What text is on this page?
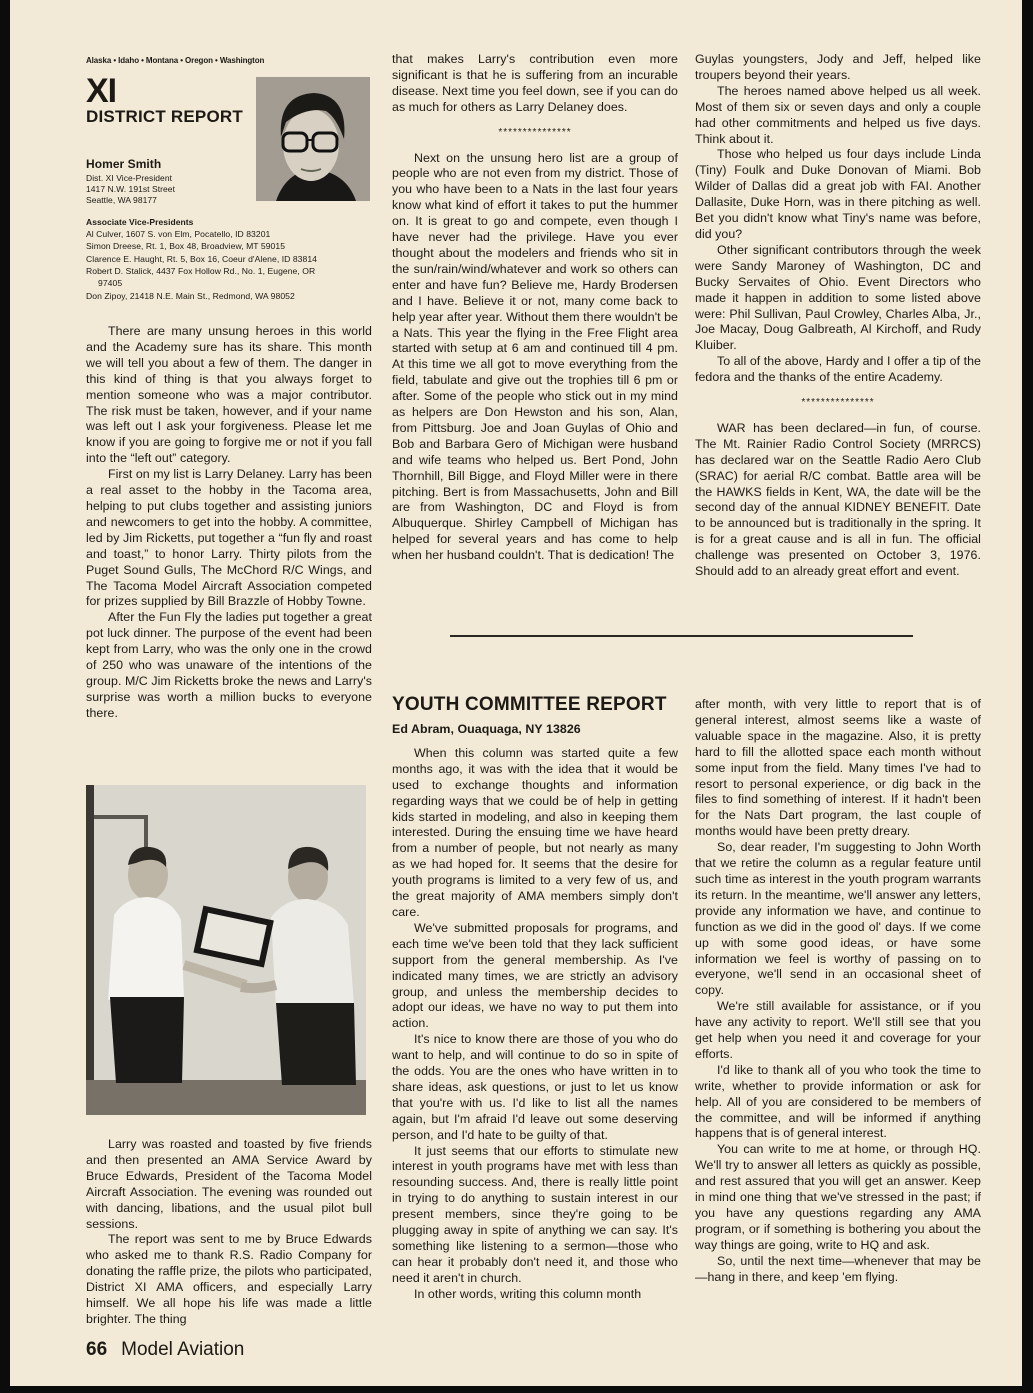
Alaska • Idaho • Montana • Oregon • Washington
XI
DISTRICT REPORT
Homer Smith
Dist. XI Vice-President
1417 N.W. 191st Street
Seattle, WA 98177
Associate Vice-Presidents
Al Culver, 1607 S. von Elm, Pocatello, ID 83201
Simon Dreese, Rt. 1, Box 48, Broadview, MT 59015
Clarence E. Haught, Rt. 5, Box 16, Coeur d'Alene, ID 83814
Robert D. Stalick, 4437 Fox Hollow Rd., No. 1, Eugene, OR
97405
Don Zipoy, 21418 N.E. Main St., Redmond, WA 98052

There are many unsung heroes in this world and the Academy sure has its share. This month we will tell you about a few of them. The danger in this kind of thing is that you always forget to mention someone who was a major contributor. The risk must be taken, however, and if your name was left out I ask your forgiveness. Please let me know if you are going to forgive me or not if you fall into the “left out” category.

First on my list is Larry Delaney. Larry has been a real asset to the hobby in the Tacoma area, helping to put clubs together and assisting juniors and newcomers to get into the hobby. A committee, led by Jim Ricketts, put together a “fun fly and roast and toast,” to honor Larry. Thirty pilots from the Puget Sound Gulls, The McChord R/C Wings, and The Tacoma Model Aircraft Association competed for prizes supplied by Bill Brazzle of Hobby Towne.

After the Fun Fly the ladies put together a great pot luck dinner. The purpose of the event had been kept from Larry, who was the only one in the crowd of 250 who was unaware of the intentions of the group. M/C Jim Ricketts broke the news and Larry's surprise was worth a million bucks to everyone there.

Larry was roasted and toasted by five friends and then presented an AMA Service Award by Bruce Edwards, President of the Tacoma Model Aircraft Association. The evening was rounded out with dancing, libations, and the usual pilot bull sessions.

The report was sent to me by Bruce Edwards who asked me to thank R.S. Radio Company for donating the raffle prize, the pilots who participated, District XI AMA officers, and especially Larry himself. We all hope his life was made a little brighter. The thing

that makes Larry's contribution even more significant is that he is suffering from an incurable disease. Next time you feel down, see if you can do as much for others as Larry Delaney does.

***************

Next on the unsung hero list are a group of people who are not even from my district. Those of you who have been to a Nats in the last four years know what kind of effort it takes to put the hummer on. It is great to go and compete, even though I have never had the privilege. Have you ever thought about the modelers and friends who sit in the sun/rain/wind/whatever and work so others can enter and have fun? Believe me, Hardy Brodersen and I have. Believe it or not, many come back to help year after year. Without them there wouldn't be a Nats. This year the flying in the Free Flight area started with setup at 6 am and continued till 4 pm. At this time we all got to move everything from the field, tabulate and give out the trophies till 6 pm or after. Some of the people who stick out in my mind as helpers are Don Hewston and his son, Alan, from Pittsburg. Joe and Joan Guylas of Ohio and Bob and Barbara Gero of Michigan were husband and wife teams who helped us. Bert Pond, John Thornhill, Bill Bigge, and Floyd Miller were in there pitching. Bert is from Massachusetts, John and Bill are from Washington, DC and Floyd is from Albuquerque. Shirley Campbell of Michigan has helped for several years and has come to help when her husband couldn't. That is dedication! The

Guylas youngsters, Jody and Jeff, helped like troupers beyond their years.

The heroes named above helped us all week. Most of them six or seven days and only a couple had other commitments and helped us five days. Think about it.

Those who helped us four days include Linda (Tiny) Foulk and Duke Donovan of Miami. Bob Wilder of Dallas did a great job with FAI. Another Dallasite, Duke Horn, was in there pitching as well. Bet you didn't know what Tiny's name was before, did you?

Other significant contributors through the week were Sandy Maroney of Washington, DC and Bucky Servaites of Ohio. Event Directors who made it happen in addition to some listed above were: Phil Sullivan, Paul Crowley, Charles Alba, Jr., Joe Macay, Doug Galbreath, Al Kirchoff, and Rudy Kluiber.

To all of the above, Hardy and I offer a tip of the fedora and the thanks of the entire Academy.

***************

WAR has been declared—in fun, of course. The Mt. Rainier Radio Control Society (MRRCS) has declared war on the Seattle Radio Aero Club (SRAC) for aerial R/C combat. Battle area will be the HAWKS fields in Kent, WA, the date will be the second day of the annual KIDNEY BENEFIT. Date to be announced but is traditionally in the spring. It is for a great cause and is all in fun. The official challenge was presented on October 3, 1976. Should add to an already great effort and event.

YOUTH COMMITTEE REPORT
Ed Abram, Ouaquaga, NY 13826

When this column was started quite a few months ago, it was with the idea that it would be used to exchange thoughts and information regarding ways that we could be of help in getting kids started in modeling, and also in keeping them interested. During the ensuing time we have heard from a number of people, but not nearly as many as we had hoped for. It seems that the desire for youth programs is limited to a very few of us, and the great majority of AMA members simply don't care.

We've submitted proposals for programs, and each time we've been told that they lack sufficient support from the general membership. As I've indicated many times, we are strictly an advisory group, and unless the membership decides to adopt our ideas, we have no way to put them into action.

It's nice to know there are those of you who do want to help, and will continue to do so in spite of the odds. You are the ones who have written in to share ideas, ask questions, or just to let us know that you're with us. I'd like to list all the names again, but I'm afraid I'd leave out some deserving person, and I'd hate to be guilty of that.

It just seems that our efforts to stimulate new interest in youth programs have met with less than resounding success. And, there is really little point in trying to do anything to sustain interest in our present members, since they're going to be plugging away in spite of anything we can say. It's something like listening to a sermon—those who can hear it probably don't need it, and those who need it aren't in church.

In other words, writing this column month

after month, with very little to report that is of general interest, almost seems like a waste of valuable space in the magazine. Also, it is pretty hard to fill the allotted space each month without some input from the field. Many times I've had to resort to personal experience, or dig back in the files to find something of interest. If it hadn't been for the Nats Dart program, the last couple of months would have been pretty dreary.

So, dear reader, I'm suggesting to John Worth that we retire the column as a regular feature until such time as interest in the youth program warrants its return. In the meantime, we'll answer any letters, provide any information we have, and continue to function as we did in the good ol' days. If we come up with some good ideas, or have some information we feel is worthy of passing on to everyone, we'll send in an occasional sheet of copy.

We're still available for assistance, or if you have any activity to report. We'll still see that you get help when you need it and coverage for your efforts.

I'd like to thank all of you who took the time to write, whether to provide information or ask for help. All of you are considered to be members of the committee, and will be informed if anything happens that is of general interest.

You can write to me at home, or through HQ. We'll try to answer all letters as quickly as possible, and rest assured that you will get an answer. Keep in mind one thing that we've stressed in the past; if you have any questions regarding any AMA program, or if something is bothering you about the way things are going, write to HQ and ask.

So, until the next time—whenever that may be—hang in there, and keep 'em flying.

66 Model Aviation
